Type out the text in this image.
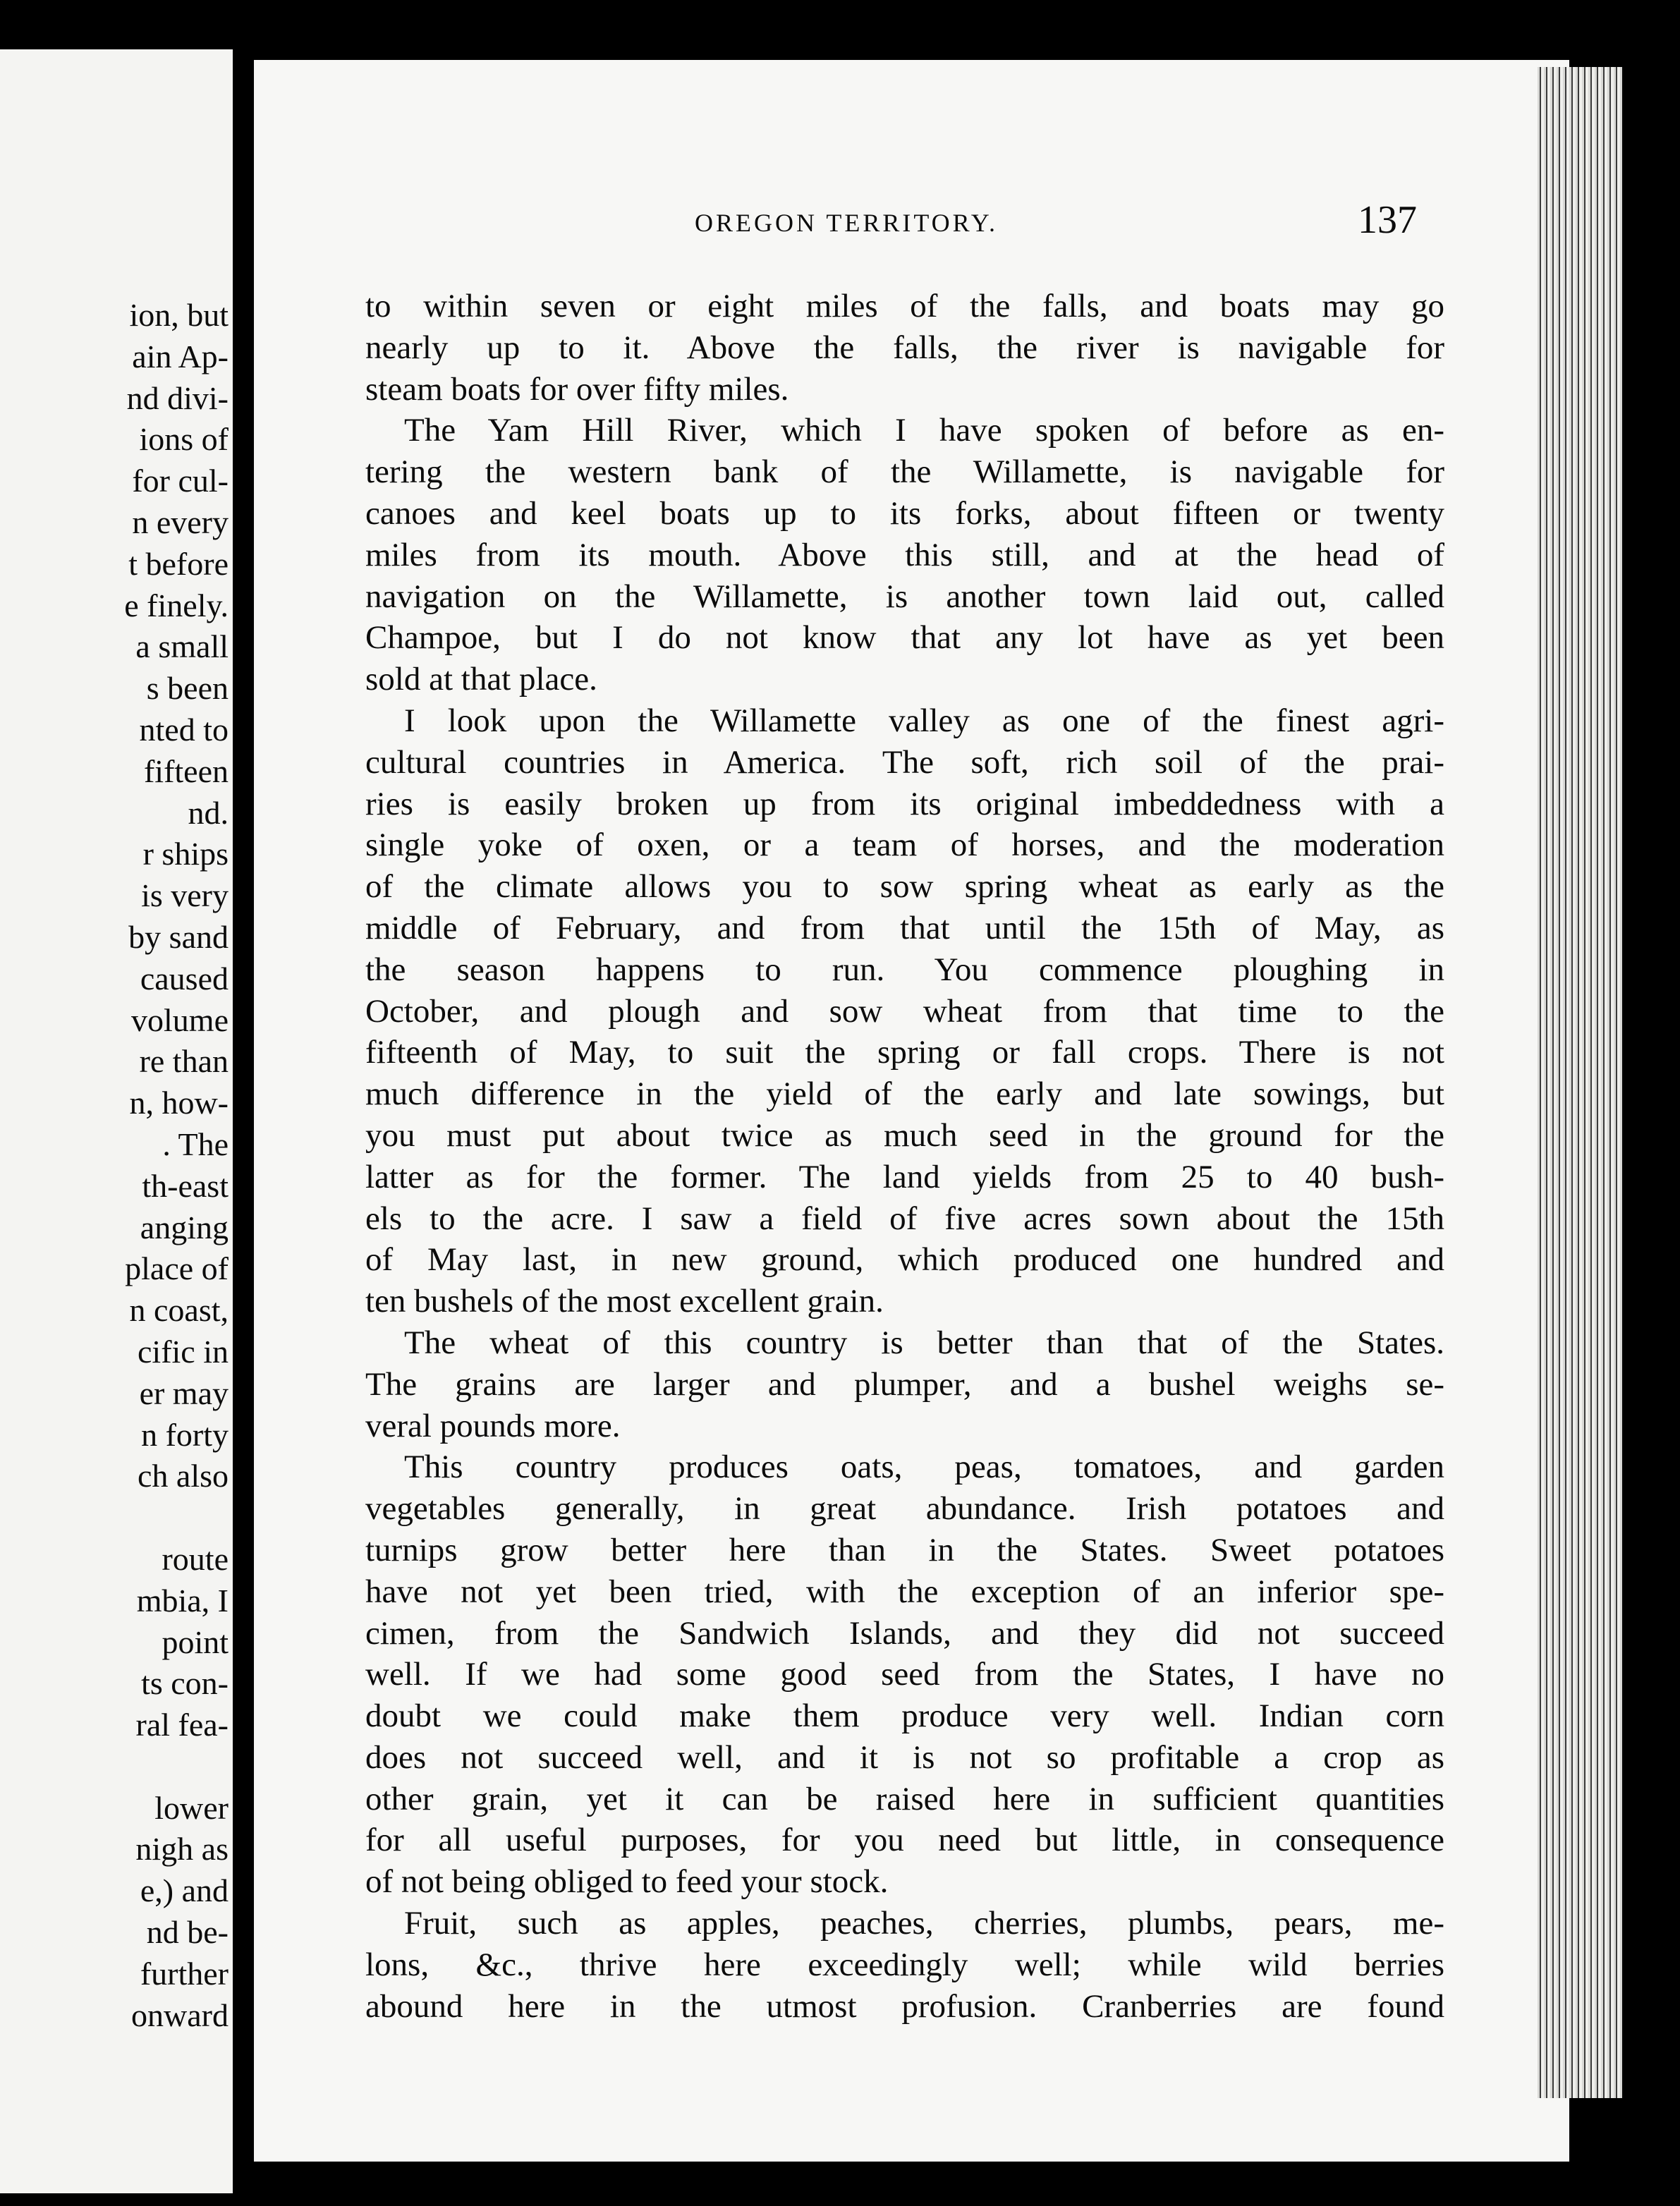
ion, but
ain Ap-
nd divi-
ions of
for cul-
n every
t before
e finely.
a small
s been
nted to
fifteen
nd.
r ships
is very
by sand
caused
volume
re than
n, how-
. The
th-east
anging
place of
n coast,
cific in
er may
n forty
ch also
route
mbia, I
point
ts con-
ral fea-
lower
nigh as
e,) and
nd be-
further
onward
OREGON TERRITORY.	137
to within seven or eight miles of the falls, and boats may go
nearly up to it. Above the falls, the river is navigable for
steam boats for over fifty miles.
The Yam Hill River, which I have spoken of before as en-
tering the western bank of the Willamette, is navigable for
canoes and keel boats up to its forks, about fifteen or twenty
miles from its mouth. Above this still, and at the head of
navigation on the Willamette, is another town laid out, called
Champoe, but I do not know that any lot have as yet been
sold at that place.
I look upon the Willamette valley as one of the finest agri-
cultural countries in America. The soft, rich soil of the prai-
ries is easily broken up from its original imbeddedness with a
single yoke of oxen, or a team of horses, and the moderation
of the climate allows you to sow spring wheat as early as the
middle of February, and from that until the 15th of May, as
the season happens to run. You commence ploughing in
October, and plough and sow wheat from that time to the
fifteenth of May, to suit the spring or fall crops. There is not
much difference in the yield of the early and late sowings, but
you must put about twice as much seed in the ground for the
latter as for the former. The land yields from 25 to 40 bush-
els to the acre. I saw a field of five acres sown about the 15th
of May last, in new ground, which produced one hundred and
ten bushels of the most excellent grain.
The wheat of this country is better than that of the States.
The grains are larger and plumper, and a bushel weighs se-
veral pounds more.
This country produces oats, peas, tomatoes, and garden
vegetables generally, in great abundance. Irish potatoes and
turnips grow better here than in the States. Sweet potatoes
have not yet been tried, with the exception of an inferior spe-
cimen, from the Sandwich Islands, and they did not succeed
well. If we had some good seed from the States, I have no
doubt we could make them produce very well. Indian corn
does not succeed well, and it is not so profitable a crop as
other grain, yet it can be raised here in sufficient quantities
for all useful purposes, for you need but little, in consequence
of not being obliged to feed your stock.
Fruit, such as apples, peaches, cherries, plumbs, pears, me-
lons, &c., thrive here exceedingly well; while wild berries
abound here in the utmost profusion. Cranberries are found
